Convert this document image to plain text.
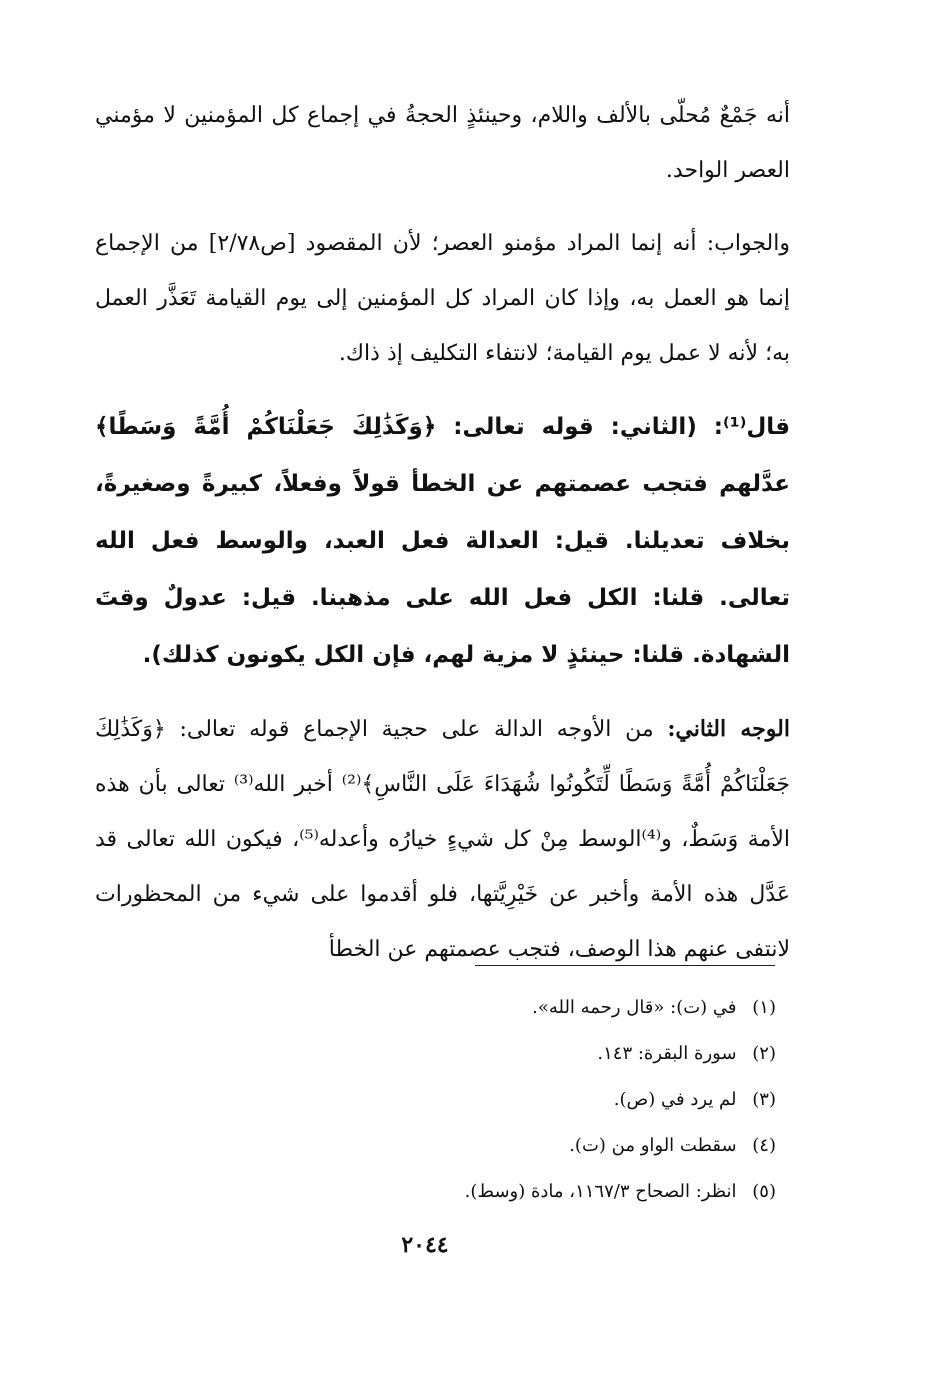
أنه جَمْعٌ مُحلّى بالألف واللام، وحينئذٍ الحجةُ في إجماع كل المؤمنين لا مؤمني العصر الواحد.

والجواب: أنه إنما المراد مؤمنو العصر؛ لأن المقصود [ص٢/٧٨] من الإجماع إنما هو العمل به، وإذا كان المراد كل المؤمنين إلى يوم القيامة تَعَذَّر العمل به؛ لأنه لا عمل يوم القيامة؛ لانتفاء التكليف إذ ذاك.

قال⁽¹⁾: (الثاني: قوله تعالى: ﴿وَكَذَٰلِكَ جَعَلْنَاكُمْ أُمَّةً وَسَطًا﴾ عدَّلهم فتجب عصمتهم عن الخطأ قولاً وفعلاً، كبيرةً وصغيرةً، بخلاف تعديلنا. قيل: العدالة فعل العبد، والوسط فعل الله تعالى. قلنا: الكل فعل الله على مذهبنا. قيل: عدولٌ وقتَ الشهادة. قلنا: حينئذٍ لا مزية لهم، فإن الكل يكونون كذلك).

الوجه الثاني: من الأوجه الدالة على حجية الإجماع قوله تعالى: ﴿وَكَذَٰلِكَ جَعَلْنَاكُمْ أُمَّةً وَسَطًا لِّتَكُونُوا شُهَدَاءَ عَلَى النَّاسِ﴾⁽²⁾ أخبر الله⁽³⁾ تعالى بأن هذه الأمة وَسَطٌ، و⁽⁴⁾الوسط مِنْ كل شيءٍ خيارُه وأعدله⁽⁵⁾، فيكون الله تعالى قد عَدَّل هذه الأمة وأخبر عن خَيْرِيَّتها، فلو أقدموا على شيء من المحظورات لانتفى عنهم هذا الوصف، فتجب عصمتهم عن الخطأ

(١) في (ت): «قال رحمه الله».
(٢) سورة البقرة: ١٤٣.
(٣) لم يرد في (ص).
(٤) سقطت الواو من (ت).
(٥) انظر: الصحاح ١١٦٧/٣، مادة (وسط).
٢٠٤٤
